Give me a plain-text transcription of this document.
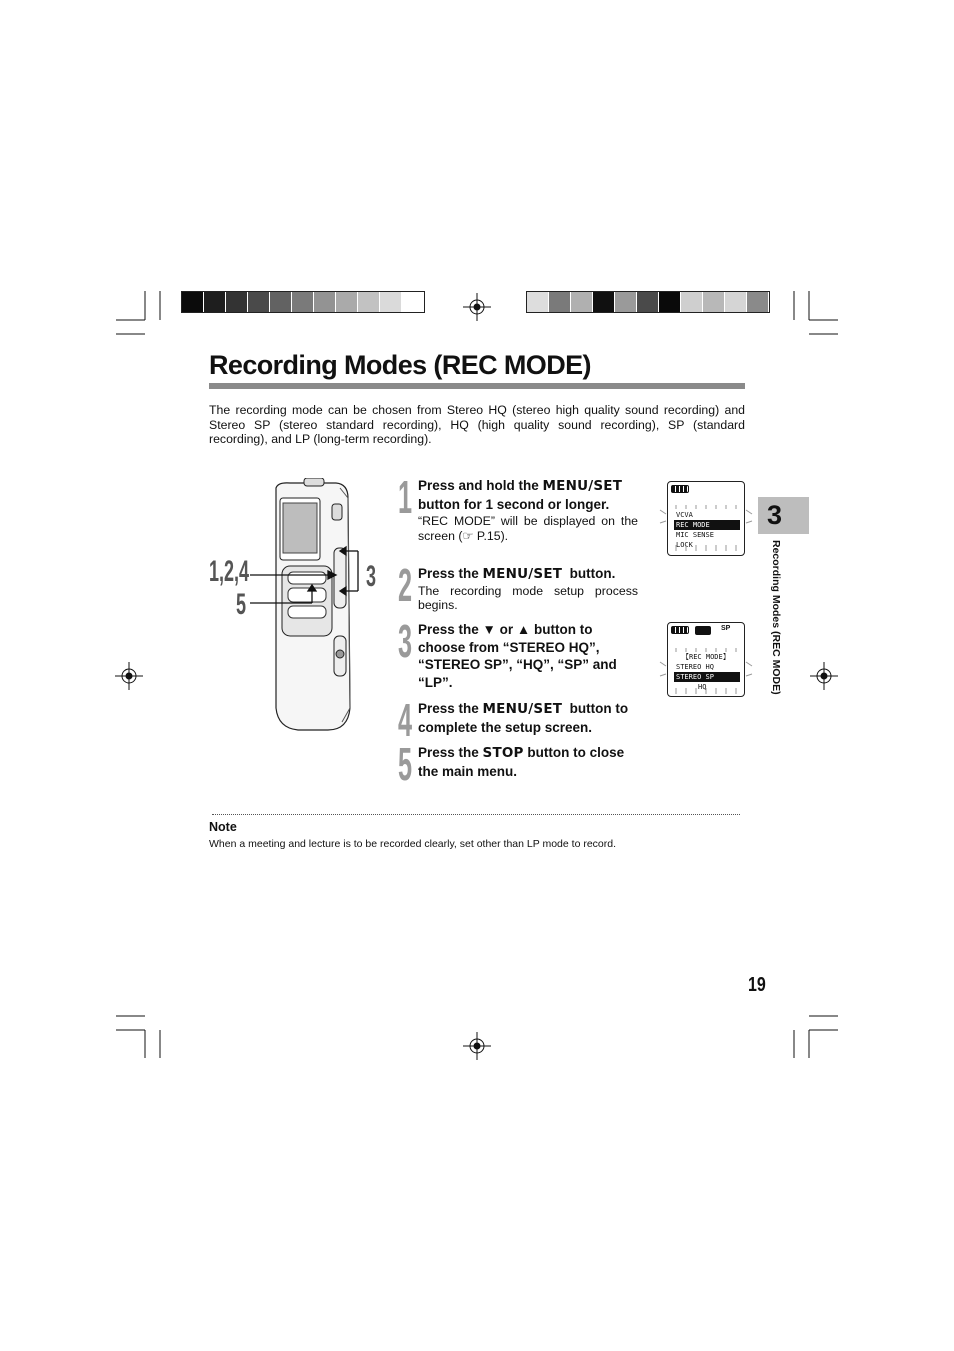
Recording Modes (REC MODE)

The recording mode can be chosen from Stereo HQ (stereo high quality sound recording) and Stereo SP (stereo standard recording), HQ (high quality sound recording), SP (standard recording), and LP (long-term recording).

1,2,4
5
3
1
2
3
4
5
Press and hold the MENU/SET button for 1 second or longer.
“REC MODE” will be displayed on the screen (☞ P.15).
Press the MENU/SET  button.
The recording mode setup process begins.
Press the ▼ or ▲ button to choose from “STEREO HQ”, “STEREO SP”, “HQ”, “SP” and “LP”.
Press the MENU/SET  button to complete the setup screen.
Press the STOP button to close the main menu.
VCVA
REC MODE
MIC SENSE
LOCK
SP
【REC MODE】
STEREO HQ
STEREO SP
HQ
3
Recording Modes (REC MODE)
Note
When a meeting and lecture is to be recorded clearly, set other than LP mode to record.
19
